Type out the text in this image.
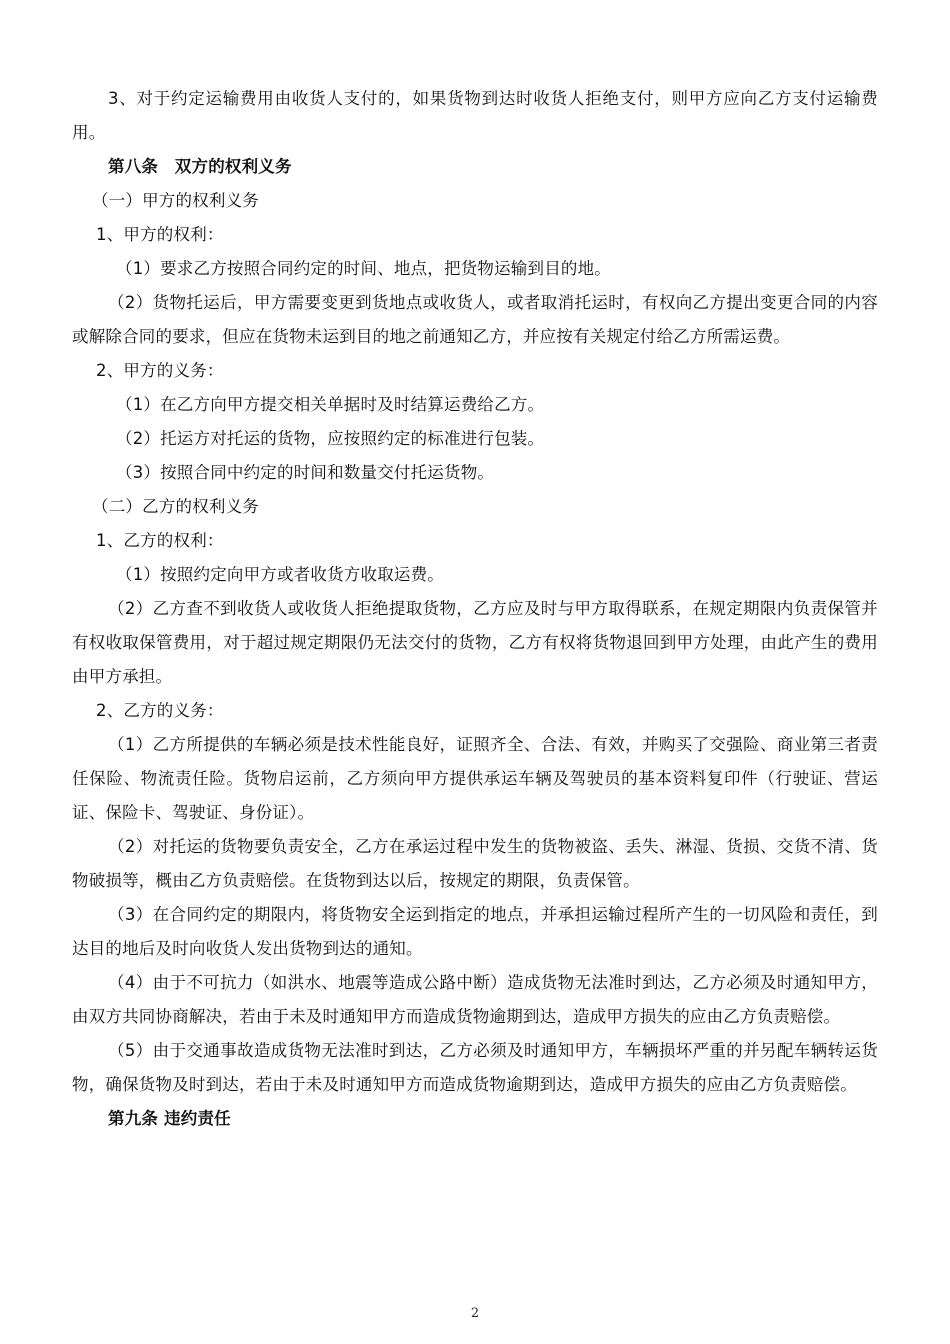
3、对于约定运输费用由收货人支付的，如果货物到达时收货人拒绝支付，则甲方应向乙方支付运输费用。

第八条　双方的权利义务

（一）甲方的权利义务

1、甲方的权利：

（1）要求乙方按照合同约定的时间、地点，把货物运输到目的地。

（2）货物托运后，甲方需要变更到货地点或收货人，或者取消托运时，有权向乙方提出变更合同的内容或解除合同的要求，但应在货物未运到目的地之前通知乙方，并应按有关规定付给乙方所需运费。

2、甲方的义务：

（1）在乙方向甲方提交相关单据时及时结算运费给乙方。

（2）托运方对托运的货物，应按照约定的标准进行包装。

（3）按照合同中约定的时间和数量交付托运货物。

（二）乙方的权利义务

1、乙方的权利：

（1）按照约定向甲方或者收货方收取运费。

（2）乙方查不到收货人或收货人拒绝提取货物，乙方应及时与甲方取得联系，在规定期限内负责保管并有权收取保管费用，对于超过规定期限仍无法交付的货物，乙方有权将货物退回到甲方处理，由此产生的费用由甲方承担。

2、乙方的义务：

（1）乙方所提供的车辆必须是技术性能良好，证照齐全、合法、有效，并购买了交强险、商业第三者责任保险、物流责任险。货物启运前，乙方须向甲方提供承运车辆及驾驶员的基本资料复印件（行驶证、营运证、保险卡、驾驶证、身份证）。

（2）对托运的货物要负责安全，乙方在承运过程中发生的货物被盗、丢失、淋湿、货损、交货不清、货物破损等，概由乙方负责赔偿。在货物到达以后，按规定的期限，负责保管。

（3）在合同约定的期限内，将货物安全运到指定的地点，并承担运输过程所产生的一切风险和责任，到达目的地后及时向收货人发出货物到达的通知。

（4）由于不可抗力（如洪水、地震等造成公路中断）造成货物无法准时到达，乙方必须及时通知甲方，由双方共同协商解决，若由于未及时通知甲方而造成货物逾期到达，造成甲方损失的应由乙方负责赔偿。

（5）由于交通事故造成货物无法准时到达，乙方必须及时通知甲方，车辆损坏严重的并另配车辆转运货物，确保货物及时到达，若由于未及时通知甲方而造成货物逾期到达，造成甲方损失的应由乙方负责赔偿。

第九条 违约责任

2
